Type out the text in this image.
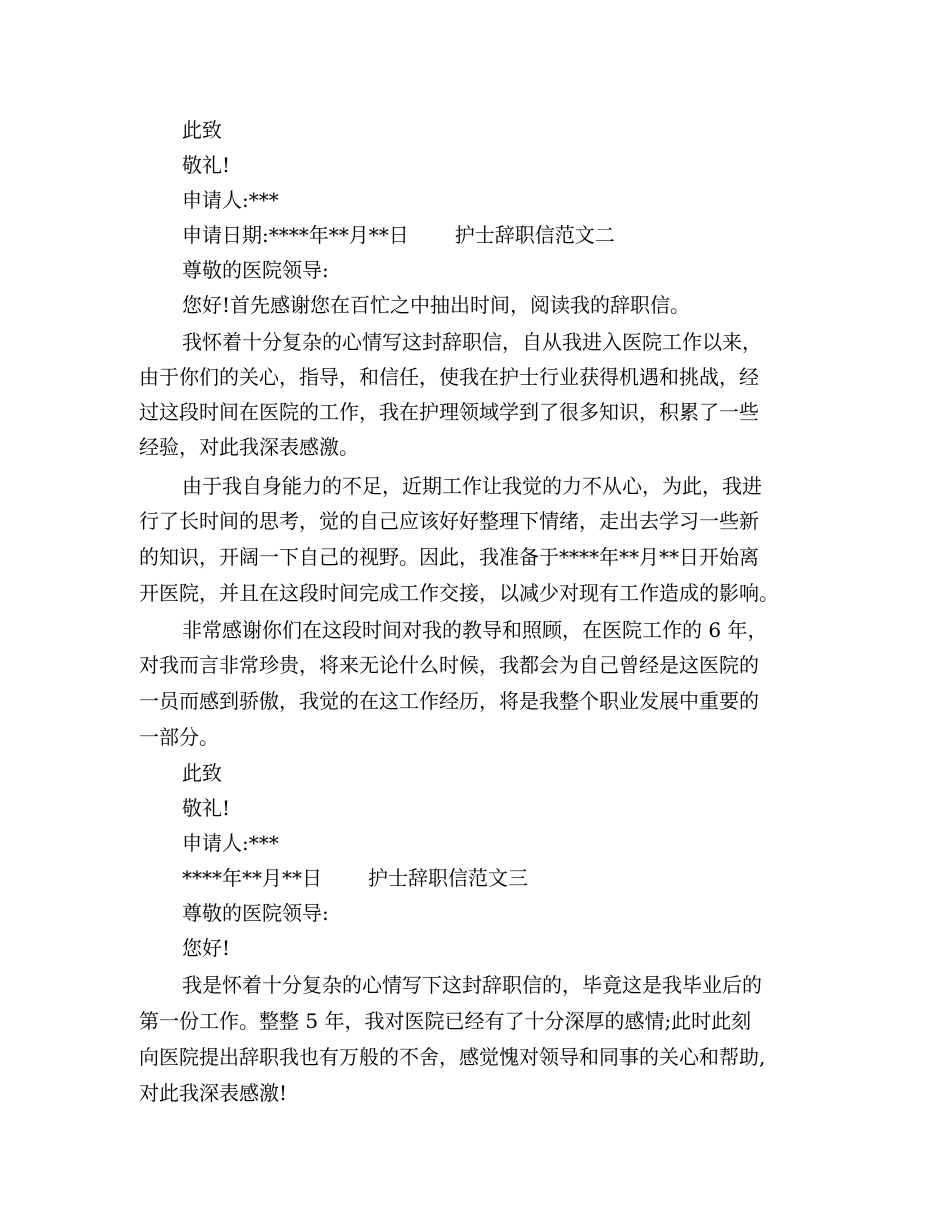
此致
敬礼!
申请人:***
申请日期:****年**月**日 护士辞职信范文二
尊敬的医院领导:
您好!首先感谢您在百忙之中抽出时间，阅读我的辞职信。
我怀着十分复杂的心情写这封辞职信，自从我进入医院工作以来，
由于你们的关心，指导，和信任，使我在护士行业获得机遇和挑战，经
过这段时间在医院的工作，我在护理领域学到了很多知识，积累了一些
经验，对此我深表感激。
由于我自身能力的不足，近期工作让我觉的力不从心，为此，我进
行了长时间的思考，觉的自己应该好好整理下情绪，走出去学习一些新
的知识，开阔一下自己的视野。因此，我准备于****年**月**日开始离
开医院，并且在这段时间完成工作交接，以减少对现有工作造成的影响。
非常感谢你们在这段时间对我的教导和照顾，在医院工作的 6 年，
对我而言非常珍贵，将来无论什么时候，我都会为自己曾经是这医院的
一员而感到骄傲，我觉的在这工作经历，将是我整个职业发展中重要的
一部分。
此致
敬礼!
申请人:***
****年**月**日 护士辞职信范文三
尊敬的医院领导:
您好!
我是怀着十分复杂的心情写下这封辞职信的，毕竟这是我毕业后的
第一份工作。整整 5 年，我对医院已经有了十分深厚的感情;此时此刻
向医院提出辞职我也有万般的不舍，感觉愧对领导和同事的关心和帮助,
对此我深表感激!
